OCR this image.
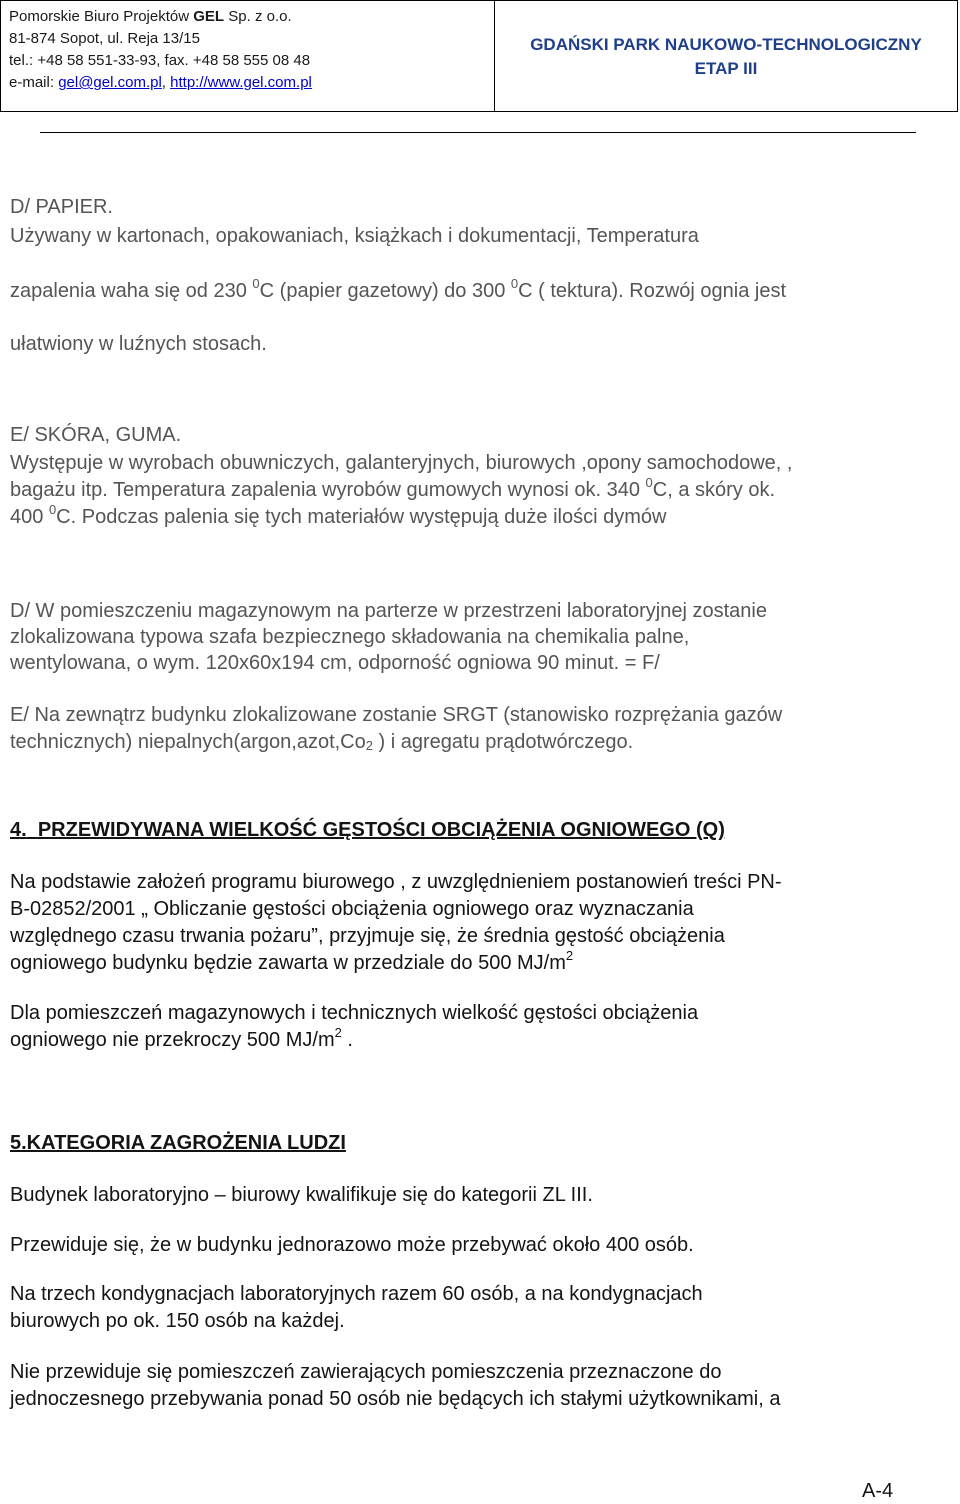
Pomorskie Biuro Projektów GEL Sp. z o.o.
81-874 Sopot, ul. Reja 13/15
tel.: +48 58 551-33-93, fax. +48 58 555 08 48
e-mail: gel@gel.com.pl, http://www.gel.com.pl
GDAŃSKI PARK NAUKOWO-TECHNOLOGICZNY
ETAP III
D/ PAPIER.
Używany w kartonach, opakowaniach, książkach i dokumentacji, Temperatura
zapalenia waha się od 230 $^0$C (papier gazetowy) do 300 $^0$C ( tektura). Rozwój ognia jest
ułatwiony w luźnych stosach.
E/ SKÓRA, GUMA.
Występuje w wyrobach obuwniczych, galanteryjnych, biurowych ,opony samochodowe, ,
bagażu itp. Temperatura zapalenia wyrobów gumowych wynosi ok. 340 $^0$C, a skóry ok.
400 $^0$C. Podczas palenia się tych materiałów występują duże ilości dymów
D/ W pomieszczeniu magazynowym na parterze w przestrzeni laboratoryjnej zostanie
zlokalizowana typowa szafa bezpiecznego składowania na chemikalia palne,
wentylowana, o wym. 120x60x194 cm, odporność ogniowa 90 minut. = F/
E/ Na zewnątrz budynku zlokalizowane zostanie SRGT (stanowisko rozprężania gazów
technicznych) $niepalnych(argon,azot,Co_2$ ) i agregatu prądotwórczego.
4. PRZEWIDYWANA WIELKOŚĆ GĘSTOŚCI OBCIĄŻENIA OGNIOWEGO (Q)
Na podstawie założeń programu biurowego , z uwzględnieniem postanowień treści PN-
B-02852/2001 „ Obliczanie gęstości obciążenia ogniowego oraz wyznaczania
względnego czasu trwania pożaru”, przyjmuje się, że średnia gęstość obciążenia
ogniowego budynku będzie zawarta w przedziale do 500 $MJ/m^2$
Dla pomieszczeń magazynowych i technicznych wielkość gęstości obciążenia
ogniowego nie przekroczy 500 $MJ/m^2$ .
5.KATEGORIA ZAGROŻENIA LUDZI
Budynek laboratoryjno – biurowy kwalifikuje się do kategorii ZL III.
Przewiduje się, że w budynku jednorazowo może przebywać około 400 osób.
Na trzech kondygnacjach laboratoryjnych razem 60 osób, a na kondygnacjach
biurowych po ok. 150 osób na każdej.
Nie przewiduje się pomieszczeń zawierających pomieszczenia przeznaczone do
jednoczesnego przebywania ponad 50 osób nie będących ich stałymi użytkownikami, a
A-4
